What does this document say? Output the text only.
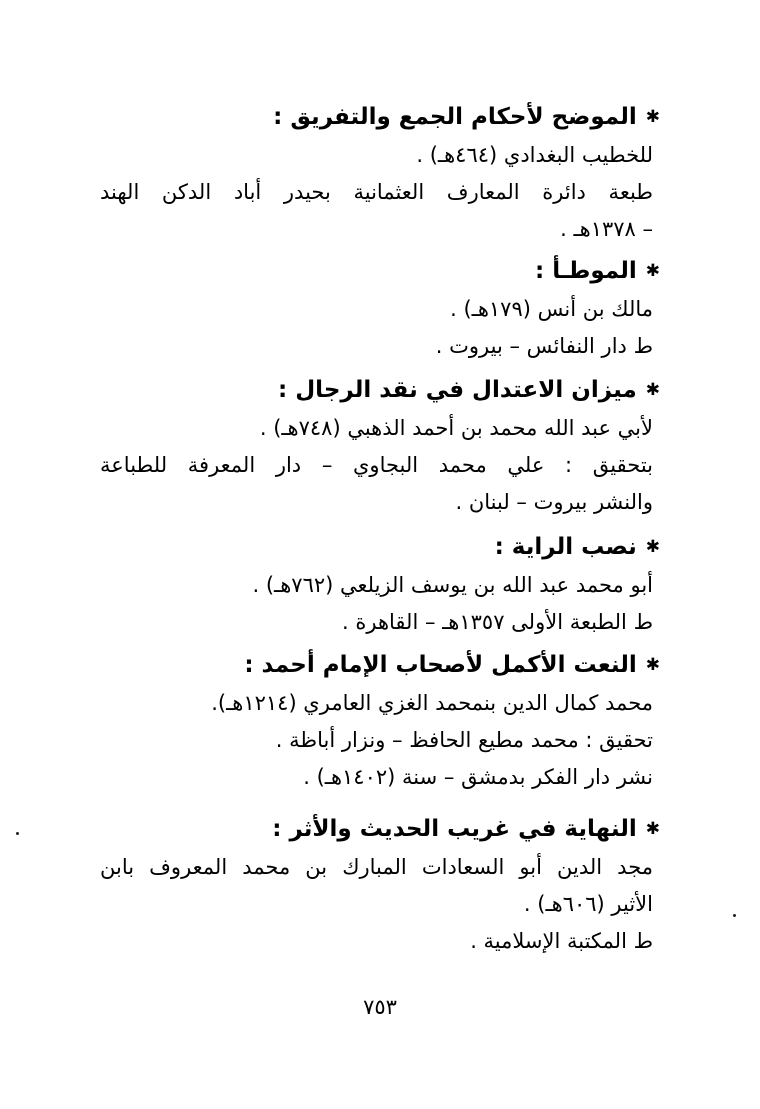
✱الموضح لأحكام الجمع والتفريق :
للخطيب البغدادي (٤٦٤هـ) .
طبعة دائرة المعارف العثمانية بحيدر أباد الدكن الهند
– ١٣٧٨هـ .
✱الموطـأ :
مالك بن أنس (١٧٩هـ) .
ط دار النفائس – بيروت .
✱ميزان الاعتدال في نقد الرجال :
لأبي عبد الله محمد بن أحمد الذهبي (٧٤٨هـ) .
بتحقيق : علي محمد البجاوي – دار المعرفة للطباعة
والنشر بيروت – لبنان .
✱نصب الراية :
أبو محمد عبد الله بن يوسف الزيلعي (٧٦٢هـ) .
ط الطبعة الأولى ١٣٥٧هـ – القاهرة .
✱النعت الأكمل لأصحاب الإمام أحمد :
محمد كمال الدين بنمحمد الغزي العامري (١٢١٤هـ).
تحقيق : محمد مطيع الحافظ – ونزار أباظة .
نشر دار الفكر بدمشق – سنة (١٤٠٢هـ) .
✱النهاية في غريب الحديث والأثر :
مجد الدين أبو السعادات المبارك بن محمد المعروف بابن
الأثير (٦٠٦هـ) .
ط المكتبة الإسلامية .
٧٥٣
